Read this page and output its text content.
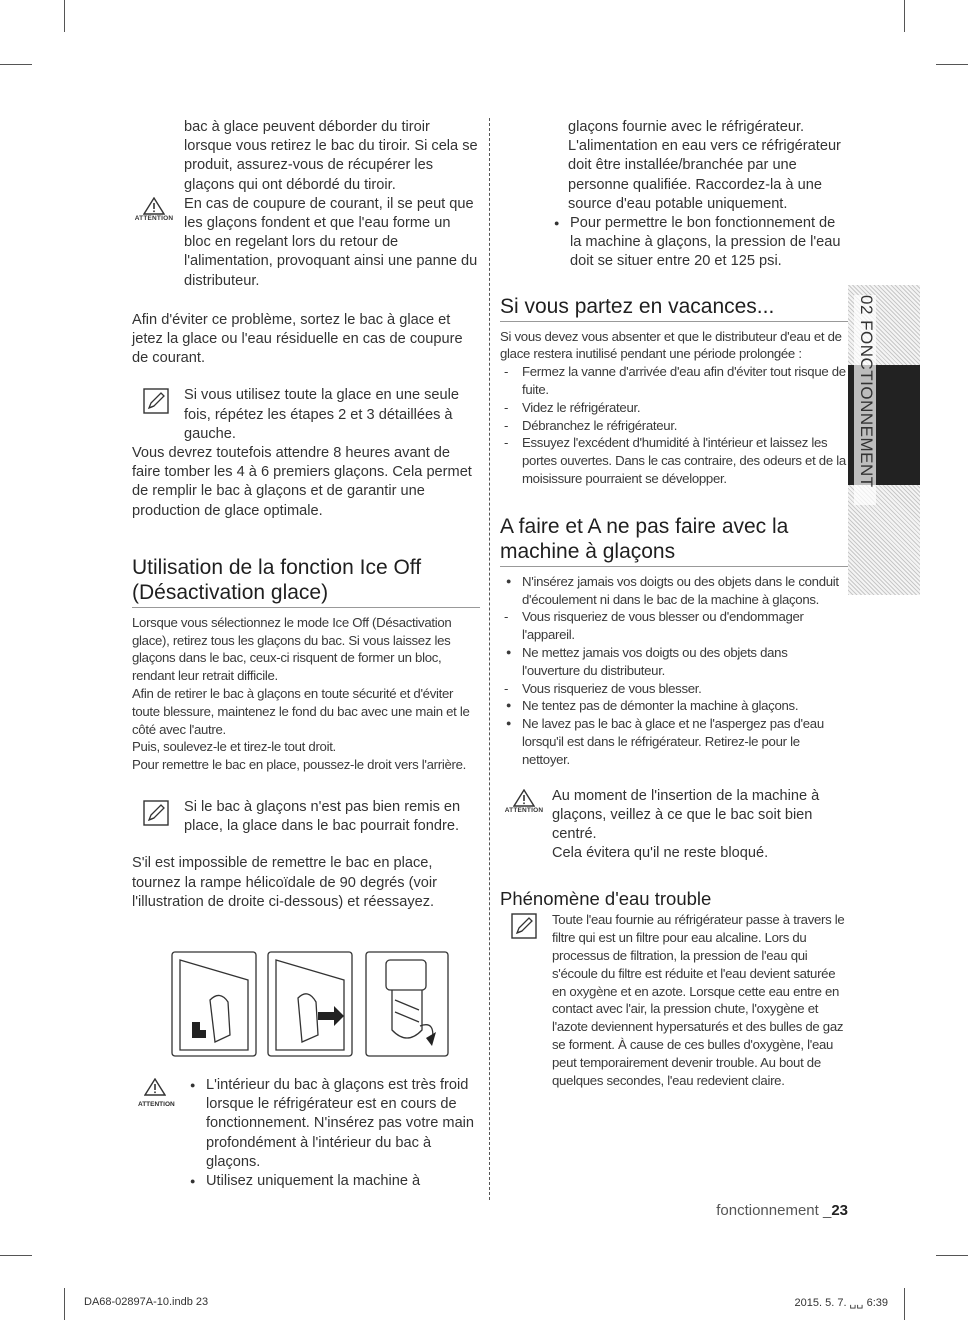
bac à glace peuvent déborder du tiroir lorsque vous retirez le bac du tiroir. Si cela se produit, assurez-vous de récupérer les glaçons qui ont débordé du tiroir.

ATTENTION

En cas de coupure de courant, il se peut que les glaçons fondent et que l'eau forme un bloc en regelant lors du retour de l'alimentation, provoquant ainsi une panne du distributeur.

Afin d'éviter ce problème, sortez le bac à glace et jetez la glace ou l'eau résiduelle en cas de coupure de courant.

Si vous utilisez toute la glace en une seule fois, répétez les étapes 2 et 3 détaillées à gauche.

Vous devrez toutefois attendre 8 heures avant de faire tomber les 4 à 6 premiers glaçons. Cela permet de remplir le bac à glaçons et de garantir une production de glace optimale.

Utilisation de la fonction Ice Off (Désactivation glace)

Lorsque vous sélectionnez le mode Ice Off (Désactivation glace), retirez tous les glaçons du bac. Si vous laissez les glaçons dans le bac, ceux-ci risquent de former un bloc, rendant leur retrait difficile.

Afin de retirer le bac à glaçons en toute sécurité et d'éviter toute blessure, maintenez le fond du bac avec une main et le côté avec l'autre.

Puis, soulevez-le et tirez-le tout droit.

Pour remettre le bac en place, poussez-le droit vers l'arrière.

Si le bac à glaçons n'est pas bien remis en place, la glace dans le bac pourrait fondre.

S'il est impossible de remettre le bac en place, tournez la rampe hélicoïdale de 90 degrés (voir l'illustration de droite ci-dessous) et réessayez.

ATTENTION
● L'intérieur du bac à glaçons est très froid lorsque le réfrigérateur est en cours de fonctionnement. N'insérez pas votre main profondément à l'intérieur du bac à glaçons.
● Utilisez uniquement la machine à

glaçons fournie avec le réfrigérateur. L'alimentation en eau vers ce réfrigérateur doit être installée/branchée par une personne qualifiée. Raccordez-la à une source d'eau potable uniquement.

● Pour permettre le bon fonctionnement de la machine à glaçons, la pression de l'eau doit se situer entre 20 et 125 psi.
Si vous partez en vacances...

Si vous devez vous absenter et que le distributeur d'eau et de glace restera inutilisé pendant une période prolongée :

- Fermez la vanne d'arrivée d'eau afin d'éviter tout risque de fuite.
- Videz le réfrigérateur.
- Débranchez le réfrigérateur.
- Essuyez l'excédent d'humidité à l'intérieur et laissez les portes ouvertes. Dans le cas contraire, des odeurs et de la moisissure pourraient se développer.
A faire et A ne pas faire avec la machine à glaçons
● N'insérez jamais vos doigts ou des objets dans le conduit d'écoulement ni dans le bac de la machine à glaçons.
- Vous risqueriez de vous blesser ou d'endommager l'appareil.
● Ne mettez jamais vos doigts ou des objets dans l'ouverture du distributeur.
- Vous risqueriez de vous blesser.
● Ne tentez pas de démonter la machine à glaçons.
● Ne lavez pas le bac à glace et ne l'aspergez pas d'eau lorsqu'il est dans le réfrigérateur. Retirez-le pour le nettoyer.
ATTENTION

Au moment de l'insertion de la machine à glaçons, veillez à ce que le bac soit bien centré.

Cela évitera qu'il ne reste bloqué.

Phénomène d'eau trouble

Toute l'eau fournie au réfrigérateur passe à travers le filtre qui est un filtre pour eau alcaline. Lors du processus de filtration, la pression de l'eau qui s'écoule du filtre est réduite et l'eau devient saturée en oxygène et en azote. Lorsque cette eau entre en contact avec l'air, la pression chute, l'oxygène et l'azote deviennent hypersaturés et des bulles de gaz se forment. À cause de ces bulles d'oxygène, l'eau peut temporairement devenir trouble. Au bout de quelques secondes, l'eau redevient claire.

02 FONCTIONNEMENT
fonctionnement _23
DA68-02897A-10.indb 23	2015. 5. 7. ␣␣ 6:39
